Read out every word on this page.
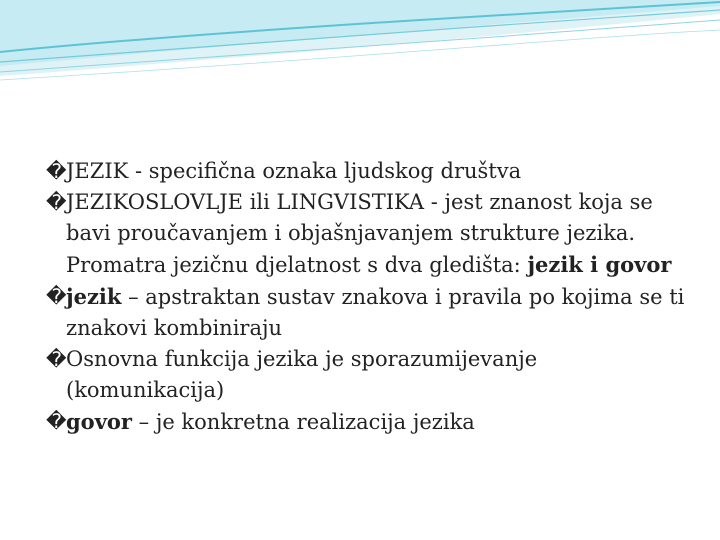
� JEZIK - specifična oznaka ljudskog društva

� JEZIKOSLOVLJE ili LINGVISTIKA - jest znanost koja se bavi proučavanjem i objašnjavanjem strukture jezika. Promatra jezičnu djelatnost s dva gledišta: jezik i govor

� jezik – apstraktan sustav znakova i pravila po kojima se ti znakovi kombiniraju

� Osnovna funkcija jezika je sporazumijevanje (komunikacija)

� govor – je konkretna realizacija jezika
